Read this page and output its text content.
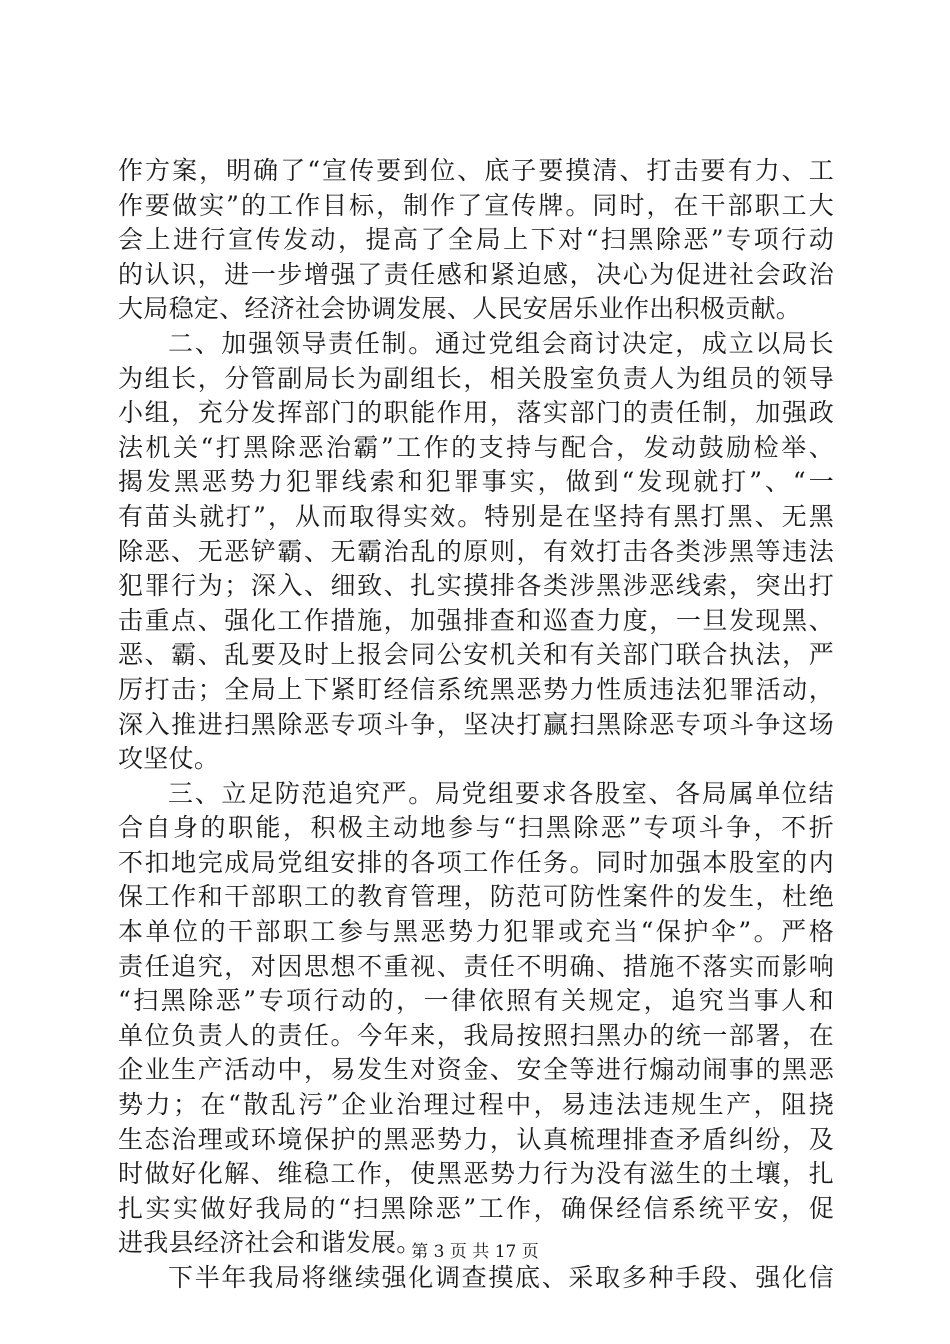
作方案，明确了“宣传要到位、底子要摸清、打击要有力、工
作要做实”的工作目标，制作了宣传牌。同时，在干部职工大
会上进行宣传发动，提高了全局上下对“扫黑除恶”专项行动
的认识，进一步增强了责任感和紧迫感，决心为促进社会政治
大局稳定、经济社会协调发展、人民安居乐业作出积极贡献。
二、加强领导责任制。通过党组会商讨决定，成立以局长
为组长，分管副局长为副组长，相关股室负责人为组员的领导
小组，充分发挥部门的职能作用，落实部门的责任制，加强政
法机关“打黑除恶治霸”工作的支持与配合，发动鼓励检举、
揭发黑恶势力犯罪线索和犯罪事实，做到“发现就打”、“一
有苗头就打”，从而取得实效。特别是在坚持有黑打黑、无黑
除恶、无恶铲霸、无霸治乱的原则，有效打击各类涉黑等违法
犯罪行为；深入、细致、扎实摸排各类涉黑涉恶线索，突出打
击重点、强化工作措施，加强排查和巡查力度，一旦发现黑、
恶、霸、乱要及时上报会同公安机关和有关部门联合执法，严
厉打击；全局上下紧盯经信系统黑恶势力性质违法犯罪活动，
深入推进扫黑除恶专项斗争，坚决打赢扫黑除恶专项斗争这场
攻坚仗。
三、立足防范追究严。局党组要求各股室、各局属单位结
合自身的职能，积极主动地参与“扫黑除恶”专项斗争，不折
不扣地完成局党组安排的各项工作任务。同时加强本股室的内
保工作和干部职工的教育管理，防范可防性案件的发生，杜绝
本单位的干部职工参与黑恶势力犯罪或充当“保护伞”。严格
责任追究，对因思想不重视、责任不明确、措施不落实而影响
“扫黑除恶”专项行动的，一律依照有关规定，追究当事人和
单位负责人的责任。今年来，我局按照扫黑办的统一部署，在
企业生产活动中，易发生对资金、安全等进行煽动闹事的黑恶
势力；在“散乱污”企业治理过程中，易违法违规生产，阻挠
生态治理或环境保护的黑恶势力，认真梳理排查矛盾纠纷，及
时做好化解、维稳工作，使黑恶势力行为没有滋生的土壤，扎
扎实实做好我局的“扫黑除恶”工作，确保经信系统平安，促
进我县经济社会和谐发展。
下半年我局将继续强化调查摸底、采取多种手段、强化信
第 3 页 共 17 页
